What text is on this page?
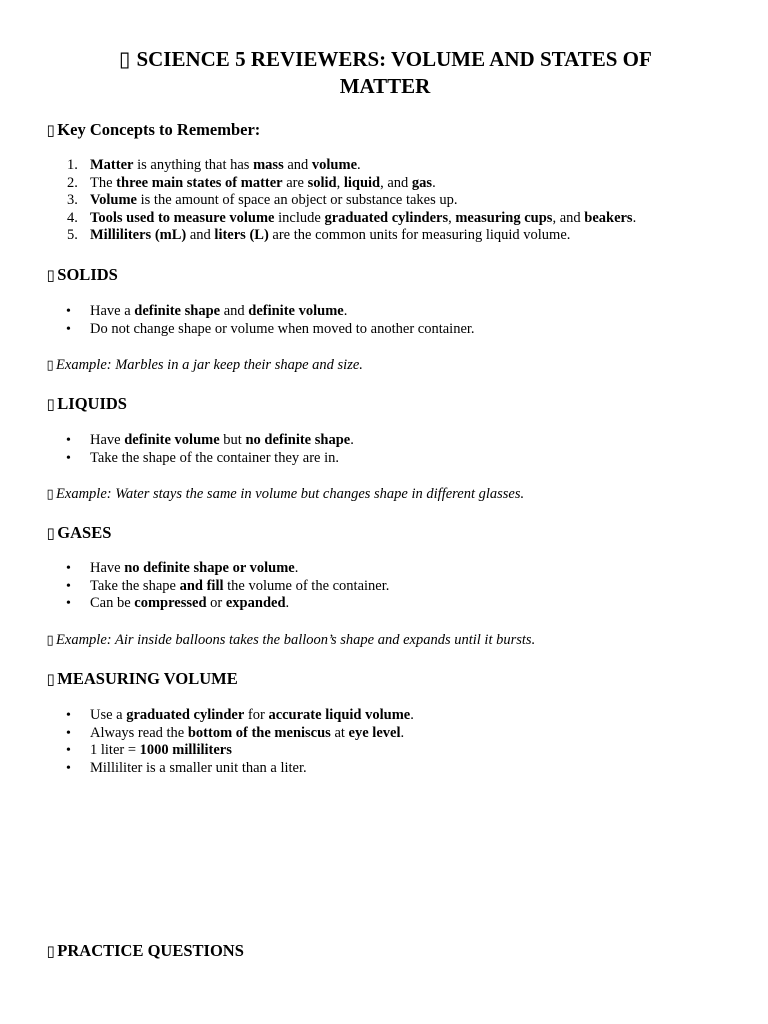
▯ SCIENCE 5 REVIEWERS: VOLUME AND STATES OF MATTER
▯ Key Concepts to Remember:
1. Matter is anything that has mass and volume.
2. The three main states of matter are solid, liquid, and gas.
3. Volume is the amount of space an object or substance takes up.
4. Tools used to measure volume include graduated cylinders, measuring cups, and beakers.
5. Milliliters (mL) and liters (L) are the common units for measuring liquid volume.
▯ SOLIDS
• Have a definite shape and definite volume.
• Do not change shape or volume when moved to another container.
▯ Example: Marbles in a jar keep their shape and size.
▯ LIQUIDS
• Have definite volume but no definite shape.
• Take the shape of the container they are in.
▯ Example: Water stays the same in volume but changes shape in different glasses.
▯ GASES
• Have no definite shape or volume.
• Take the shape and fill the volume of the container.
• Can be compressed or expanded.
▯ Example: Air inside balloons takes the balloon’s shape and expands until it bursts.
▯ MEASURING VOLUME
• Use a graduated cylinder for accurate liquid volume.
• Always read the bottom of the meniscus at eye level.
• 1 liter = 1000 milliliters
• Milliliter is a smaller unit than a liter.
▯ PRACTICE QUESTIONS
